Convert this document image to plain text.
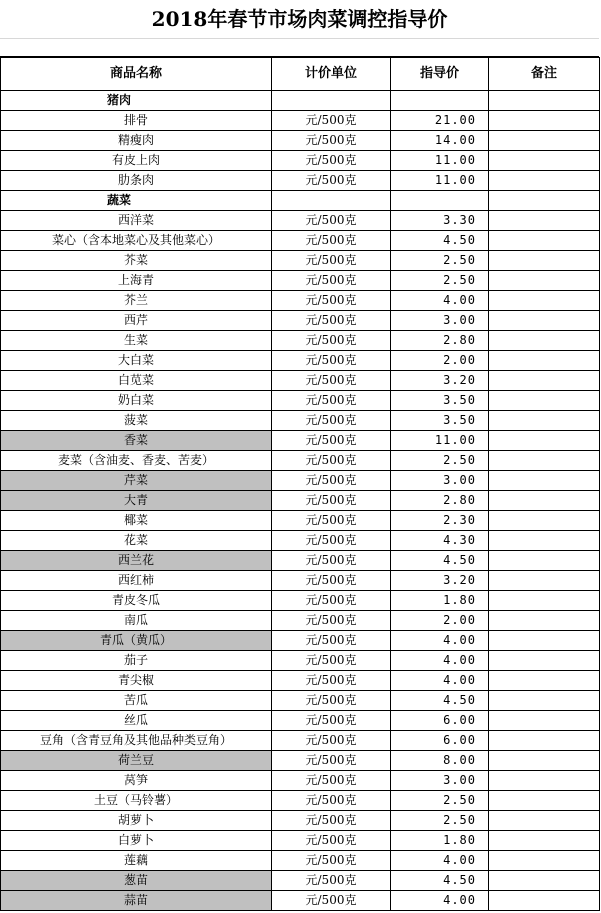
2018年春节市场肉菜调控指导价
商品名称	计价单位	指导价	备注
猪肉			
排骨	元/500克	21.00	
精瘦肉	元/500克	14.00	
有皮上肉	元/500克	11.00	
肋条肉	元/500克	11.00	
蔬菜			
西洋菜	元/500克	3.30	
菜心（含本地菜心及其他菜心）	元/500克	4.50	
芥菜	元/500克	2.50	
上海青	元/500克	2.50	
芥兰	元/500克	4.00	
西芹	元/500克	3.00	
生菜	元/500克	2.80	
大白菜	元/500克	2.00	
白苋菜	元/500克	3.20	
奶白菜	元/500克	3.50	
菠菜	元/500克	3.50	
香菜	元/500克	11.00	
麦菜（含油麦、香麦、苦麦）	元/500克	2.50	
芹菜	元/500克	3.00	
大青	元/500克	2.80	
椰菜	元/500克	2.30	
花菜	元/500克	4.30	
西兰花	元/500克	4.50	
西红柿	元/500克	3.20	
青皮冬瓜	元/500克	1.80	
南瓜	元/500克	2.00	
青瓜（黄瓜）	元/500克	4.00	
茄子	元/500克	4.00	
青尖椒	元/500克	4.00	
苦瓜	元/500克	4.50	
丝瓜	元/500克	6.00	
豆角（含青豆角及其他品种类豆角）	元/500克	6.00	
荷兰豆	元/500克	8.00	
莴笋	元/500克	3.00	
土豆（马铃薯）	元/500克	2.50	
胡萝卜	元/500克	2.50	
白萝卜	元/500克	1.80	
莲藕	元/500克	4.00	
葱苗	元/500克	4.50	
蒜苗	元/500克	4.00	
